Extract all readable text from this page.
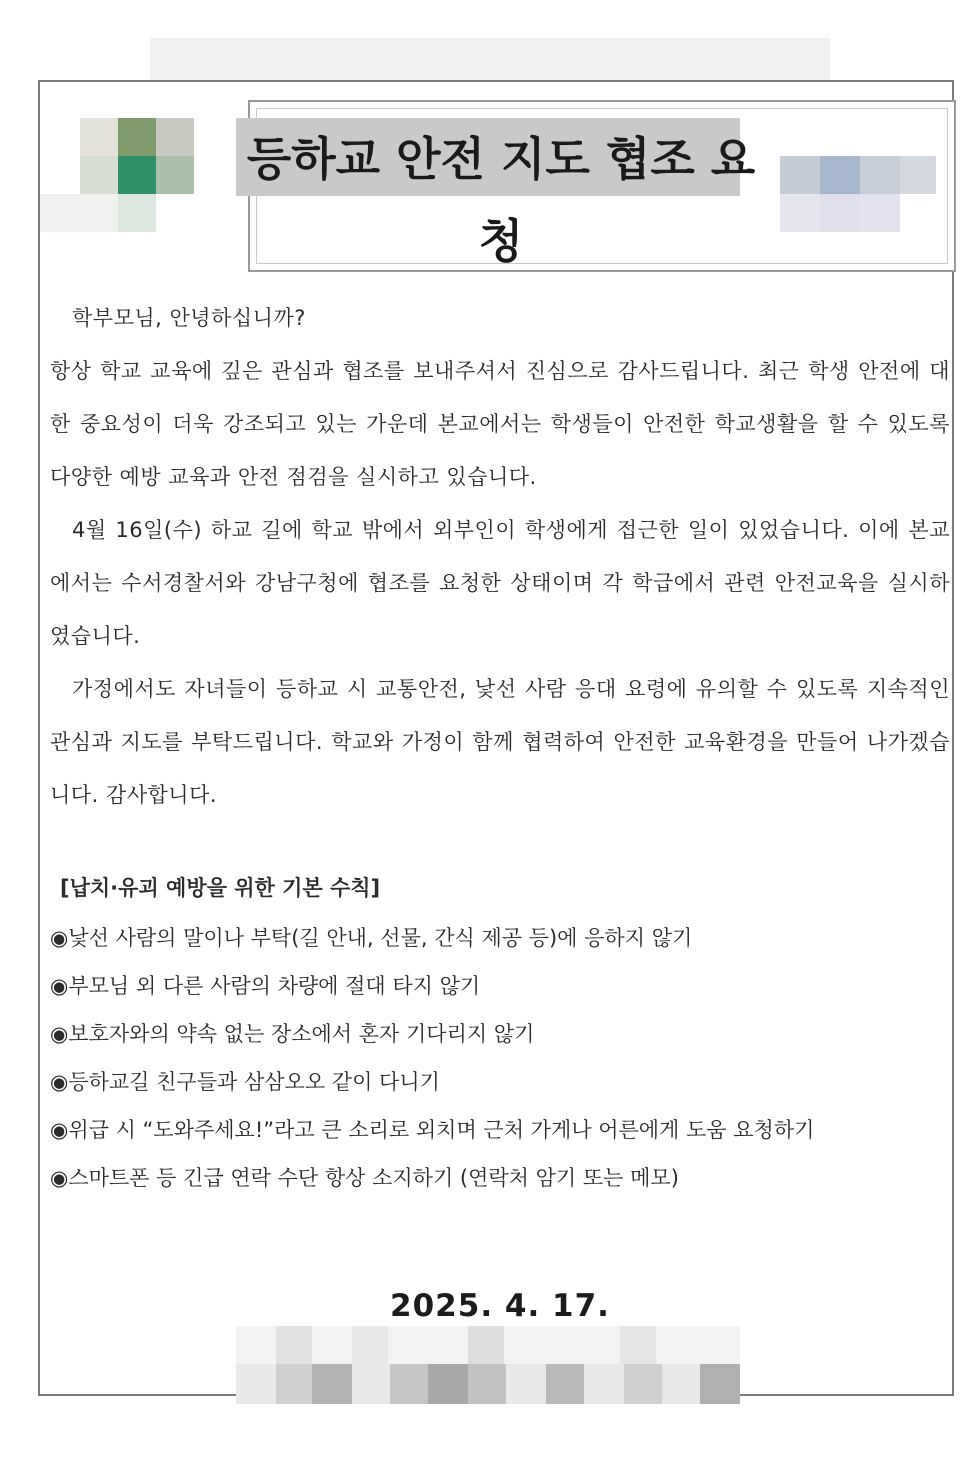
등하교 안전 지도 협조 요청

학부모님, 안녕하십니까?

항상 학교 교육에 깊은 관심과 협조를 보내주셔서 진심으로 감사드립니다. 최근 학생 안전에 대한 중요성이 더욱 강조되고 있는 가운데 본교에서는 학생들이 안전한 학교생활을 할 수 있도록 다양한 예방 교육과 안전 점검을 실시하고 있습니다.

4월 16일(수) 하교 길에 학교 밖에서 외부인이 학생에게 접근한 일이 있었습니다. 이에 본교에서는 수서경찰서와 강남구청에 협조를 요청한 상태이며 각 학급에서 관련 안전교육을 실시하였습니다.

가정에서도 자녀들이 등하교 시 교통안전, 낯선 사람 응대 요령에 유의할 수 있도록 지속적인 관심과 지도를 부탁드립니다. 학교와 가정이 함께 협력하여 안전한 교육환경을 만들어 나가겠습니다. 감사합니다.

[납치·유괴 예방을 위한 기본 수칙]
◉낯선 사람의 말이나 부탁(길 안내, 선물, 간식 제공 등)에 응하지 않기
◉부모님 외 다른 사람의 차량에 절대 타지 않기
◉보호자와의 약속 없는 장소에서 혼자 기다리지 않기
◉등하교길 친구들과 삼삼오오 같이 다니기
◉위급 시 “도와주세요!”라고 큰 소리로 외치며 근처 가게나 어른에게 도움 요청하기
◉스마트폰 등 긴급 연락 수단 항상 소지하기 (연락처 암기 또는 메모)
2025. 4. 17.
